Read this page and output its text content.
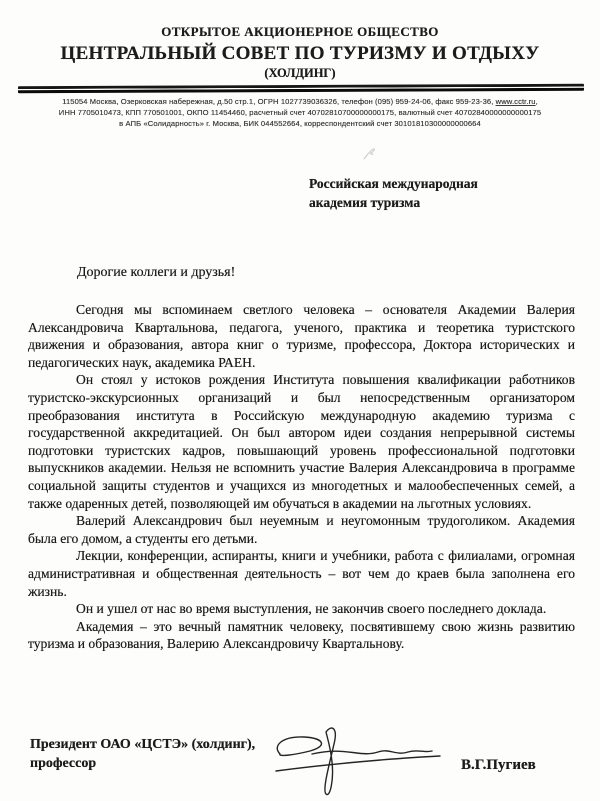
ОТКРЫТОЕ АКЦИОНЕРНОЕ ОБЩЕСТВО
ЦЕНТРАЛЬНЫЙ СОВЕТ ПО ТУРИЗМУ И ОТДЫХУ
(ХОЛДИНГ)
115054 Москва, Озерковская набережная, д.50 стр.1, ОГРН 1027739036326, телефон (095) 959-24-06, факс 959-23-36, www.cctr.ru,
ИНН 7705010473, КПП 770501001, ОКПО 11454460, расчетный счет 40702810700000000175, валютный счет 40702840000000000175
в АПБ «Солидарность» г. Москва, БИК 044552664, корреспондентский счет 30101810300000000664
Российская международная
академия туризма
Дорогие коллеги и друзья!

Сегодня мы вспоминаем светлого человека – основателя Академии Валерия Александровича Квартальнова, педагога, ученого, практика и теоретика туристского движения и образования, автора книг о туризме, профессора, Доктора исторических и педагогических наук, академика РАЕН.

Он стоял у истоков рождения Института повышения квалификации работников туристско-экскурсионных организаций и был непосредственным организатором преобразования института в Российскую международную академию туризма с государственной аккредитацией. Он был автором идеи создания непрерывной системы подготовки туристских кадров, повышающий уровень профессиональной подготовки выпускников академии. Нельзя не вспомнить участие Валерия Александровича в программе социальной защиты студентов и учащихся из многодетных и малообеспеченных семей, а также одаренных детей, позволяющей им обучаться в академии на льготных условиях.

Валерий Александрович был неуемным и неугомонным трудоголиком. Академия была его домом, а студенты его детьми.

Лекции, конференции, аспиранты, книги и учебники, работа с филиалами, огромная административная и общественная деятельность – вот чем до краев была заполнена его жизнь.

Он и ушел от нас во время выступления, не закончив своего последнего доклада.

Академия – это вечный памятник человеку, посвятившему свою жизнь развитию туризма и образования, Валерию Александровичу Квартальнову.

Президент ОАО «ЦСТЭ» (холдинг),
профессор	В.Г.Пугиев
